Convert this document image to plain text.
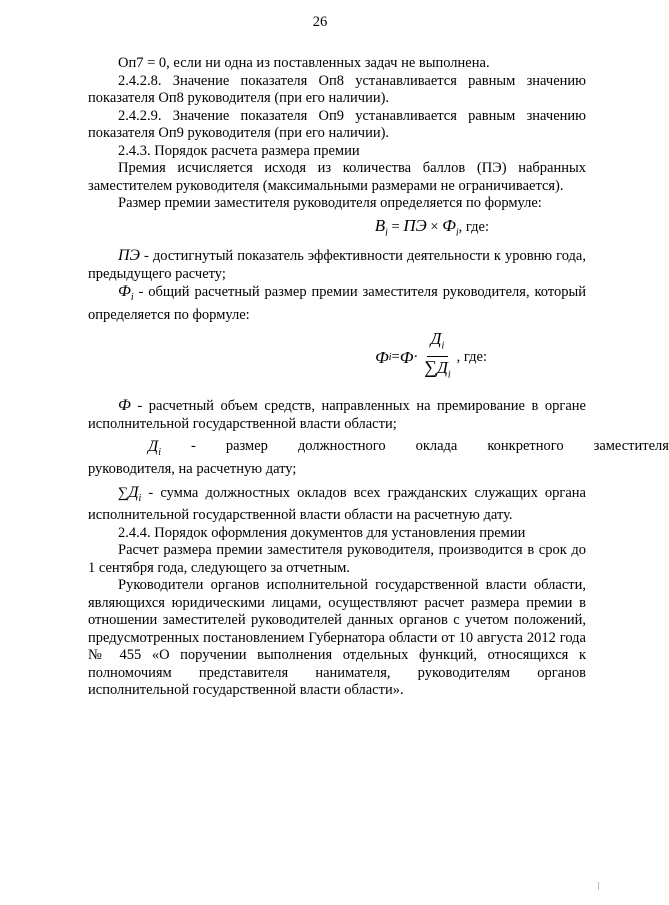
26

Оп7 = 0, если ни одна из поставленных задач не выполнена.

2.4.2.8. Значение показателя Оп8 устанавливается равным значению показателя Оп8 руководителя (при его наличии).

2.4.2.9. Значение показателя Оп9 устанавливается равным значению показателя Оп9 руководителя (при его наличии).

2.4.3. Порядок расчета размера премии

Премия исчисляется исходя из количества баллов (ПЭ) набранных заместителем руководителя (максимальными размерами не ограничивается).

Размер премии заместителя руководителя определяется по формуле:

$B_i$ = ПЭ × $Ф_i$, где:

ПЭ - достигнутый показатель эффективности деятельности к уровню года, предыдущего расчету;

$Ф_i$ - общий расчетный размер премии заместителя руководителя, который определяется по формуле:

Ф $i = Ф \cdot \frac{Д_i}{\sum Д_i}$ , где:

Ф - расчетный объем средств, направленных на премирование в органе исполнительной государственной власти области;

$Д_i$	-	размер	должностного	оклада	конкретного	заместителя

руководителя, на расчетную дату;

$\sum Д_i$ - сумма должностных окладов всех гражданских служащих органа исполнительной государственной власти области на расчетную дату.

2.4.4. Порядок оформления документов для установления премии

Расчет размера премии заместителя руководителя, производится в срок до 1 сентября года, следующего за отчетным.

Руководители органов исполнительной государственной власти области, являющихся юридическими лицами, осуществляют расчет размера премии в отношении заместителей руководителей данных органов с учетом положений, предусмотренных постановлением Губернатора области от 10 августа 2012 года № 455 «О поручении выполнения отдельных функций, относящихся к полномочиям представителя нанимателя, руководителям органов исполнительной государственной власти области».
